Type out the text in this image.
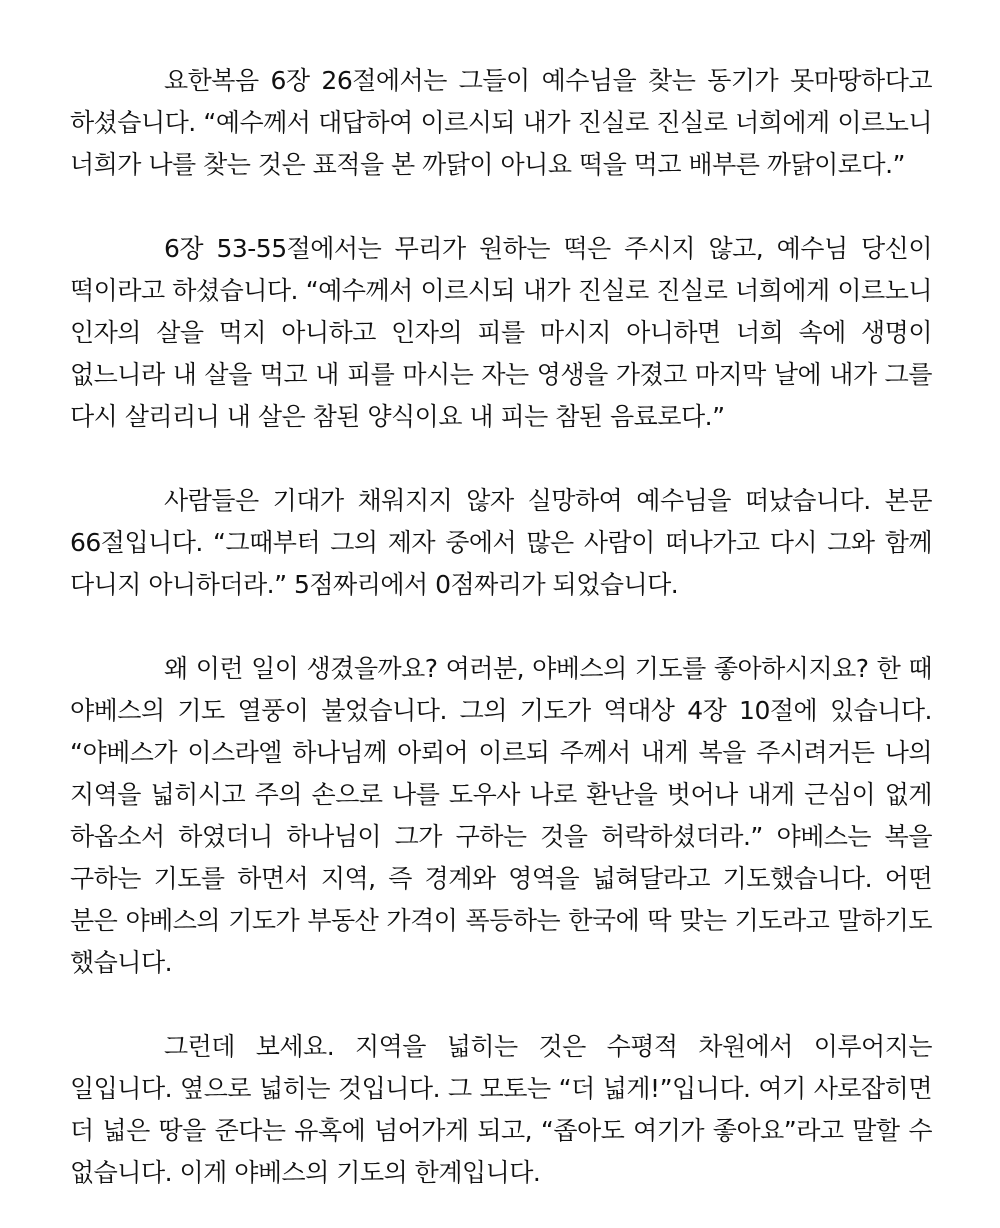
요한복음 6장 26절에서는 그들이 예수님을 찾는 동기가 못마땅하다고 하셨습니다. “예수께서 대답하여 이르시되 내가 진실로 진실로 너희에게 이르노니 너희가 나를 찾는 것은 표적을 본 까닭이 아니요 떡을 먹고 배부른 까닭이로다.”

6장 53-55절에서는 무리가 원하는 떡은 주시지 않고, 예수님 당신이 떡이라고 하셨습니다. “예수께서 이르시되 내가 진실로 진실로 너희에게 이르노니 인자의 살을 먹지 아니하고 인자의 피를 마시지 아니하면 너희 속에 생명이 없느니라 내 살을 먹고 내 피를 마시는 자는 영생을 가졌고 마지막 날에 내가 그를 다시 살리리니 내 살은 참된 양식이요 내 피는 참된 음료로다.”

사람들은 기대가 채워지지 않자 실망하여 예수님을 떠났습니다. 본문 66절입니다. “그때부터 그의 제자 중에서 많은 사람이 떠나가고 다시 그와 함께 다니지 아니하더라.” 5점짜리에서 0점짜리가 되었습니다.

왜 이런 일이 생겼을까요? 여러분, 야베스의 기도를 좋아하시지요? 한 때 야베스의 기도 열풍이 불었습니다. 그의 기도가 역대상 4장 10절에 있습니다. “야베스가 이스라엘 하나님께 아뢰어 이르되 주께서 내게 복을 주시려거든 나의 지역을 넓히시고 주의 손으로 나를 도우사 나로 환난을 벗어나 내게 근심이 없게 하옵소서 하였더니 하나님이 그가 구하는 것을 허락하셨더라.” 야베스는 복을 구하는 기도를 하면서 지역, 즉 경계와 영역을 넓혀달라고 기도했습니다. 어떤 분은 야베스의 기도가 부동산 가격이 폭등하는 한국에 딱 맞는 기도라고 말하기도 했습니다.

그런데 보세요. 지역을 넓히는 것은 수평적 차원에서 이루어지는 일입니다. 옆으로 넓히는 것입니다. 그 모토는 “더 넓게!”입니다. 여기 사로잡히면 더 넓은 땅을 준다는 유혹에 넘어가게 되고, “좁아도 여기가 좋아요”라고 말할 수 없습니다. 이게 야베스의 기도의 한계입니다.
